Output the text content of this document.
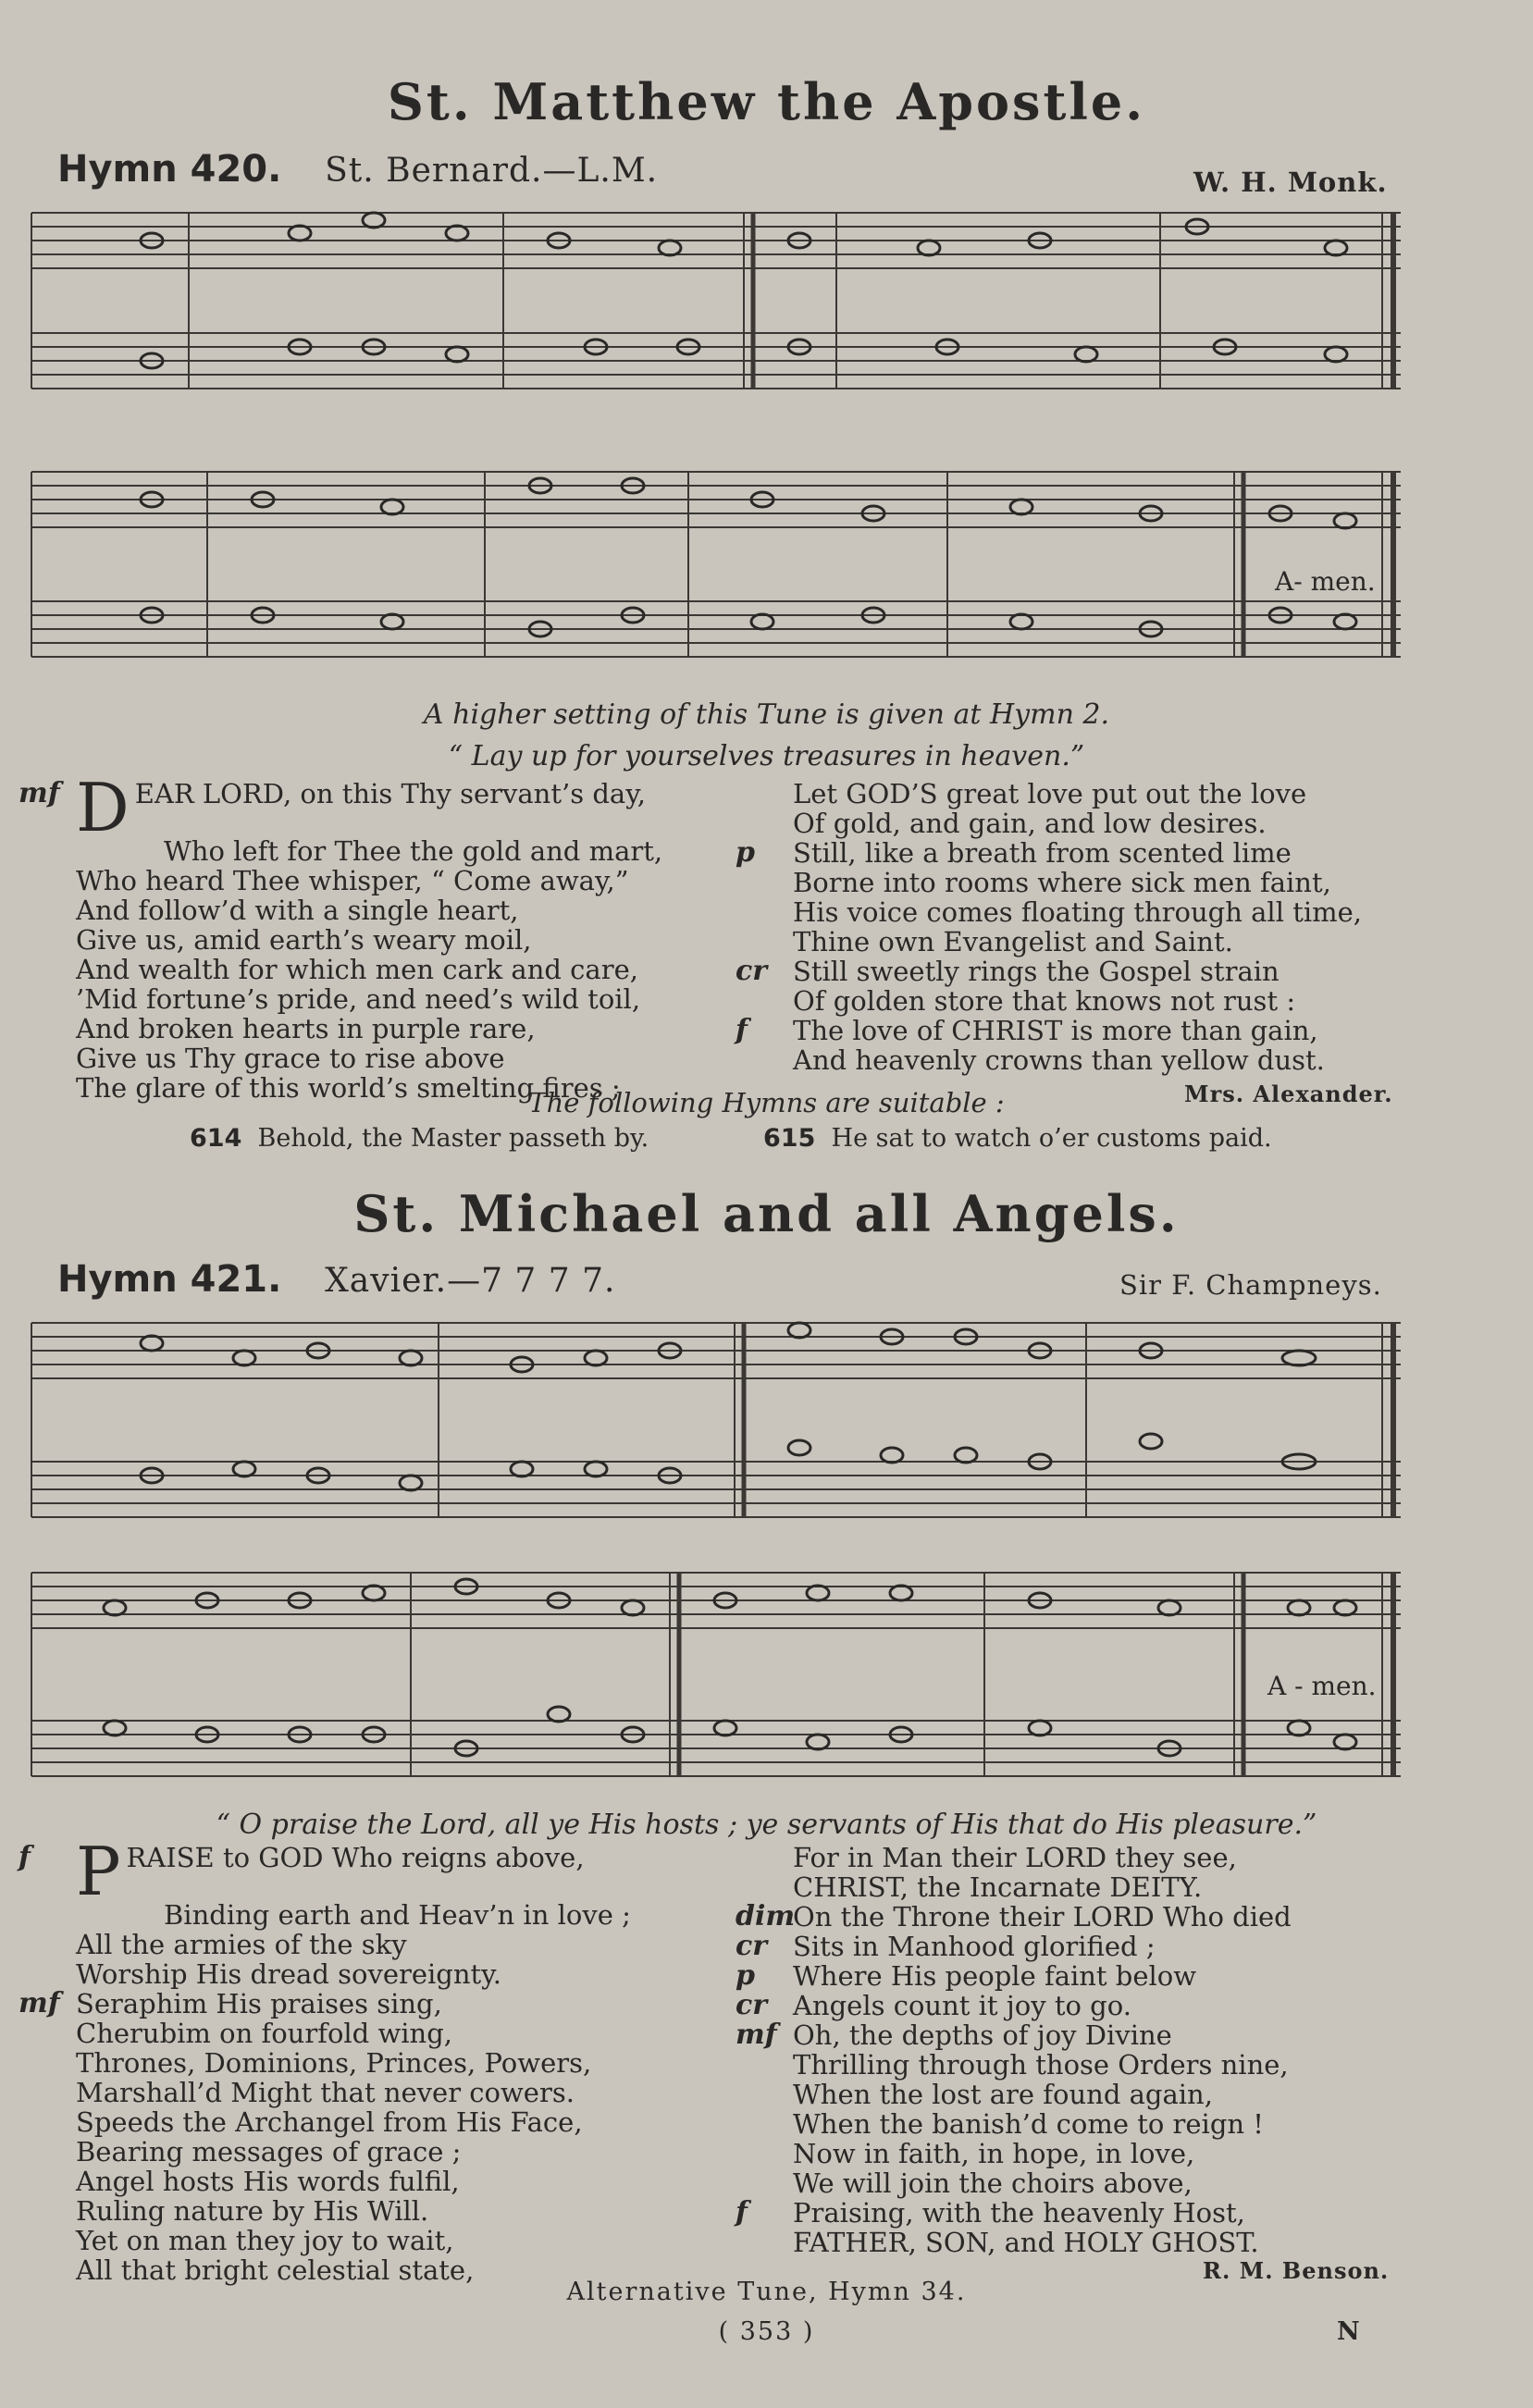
St. Matthew the Apostle.
Hymn 420. St. Bernard.—L.M.	W. H. Monk.
A- men.
A higher setting of this Tune is given at Hymn 2.
“ Lay up for yourselves treasures in heaven.”
mf D EAR LORD, on this Thy servant’s day,
Who left for Thee the gold and mart,
Who heard Thee whisper, “ Come away,”
And follow’d with a single heart,
Give us, amid earth’s weary moil,
And wealth for which men cark and care,
’Mid fortune’s pride, and need’s wild toil,
And broken hearts in purple rare,
Give us Thy grace to rise above
The glare of this world’s smelting fires ;
Let GOD’S great love put out the love
Of gold, and gain, and low desires.
p	Still, like a breath from scented lime
Borne into rooms where sick men faint,
His voice comes floating through all time,
Thine own Evangelist and Saint.
cr Still sweetly rings the Gospel strain
Of golden store that knows not rust :
f	The love of CHRIST is more than gain,
And heavenly crowns than yellow dust.
Mrs. Alexander.
The following Hymns are suitable :
614 Behold, the Master passeth by.	615 He sat to watch o’er customs paid.
St. Michael and all Angels.
Hymn 421. Xavier.—7 7 7 7.	Sir F. Champneys.
A - men.
“ O praise the Lord, all ye His hosts ; ye servants of His that do His pleasure.”
f P RAISE to GOD Who reigns above,
Binding earth and Heav’n in love ;
All the armies of the sky
Worship His dread sovereignty.
mf Seraphim His praises sing,
Cherubim on fourfold wing,
Thrones, Dominions, Princes, Powers,
Marshall’d Might that never cowers.
Speeds the Archangel from His Face,
Bearing messages of grace ;
Angel hosts His words fulfil,
Ruling nature by His Will.
Yet on man they joy to wait,
All that bright celestial state,
For in Man their LORD they see,
CHRIST, the Incarnate DEITY.
dim
On the Throne their LORD Who died
cr Sits in Manhood glorified ;
p	Where His people faint below
cr Angels count it joy to go.
mf Oh, the depths of joy Divine
Thrilling through those Orders nine,
When the lost are found again,
When the banish’d come to reign !
Now in faith, in hope, in love,
We will join the choirs above,
f	Praising, with the heavenly Host,
FATHER, SON, and HOLY GHOST.
R. M. Benson.
Alternative Tune, Hymn 34.
( 353 )	N
